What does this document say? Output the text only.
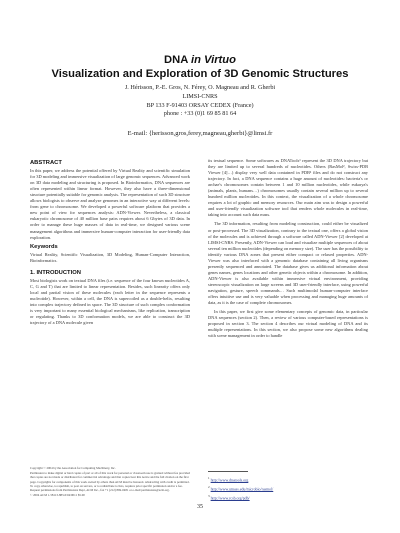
DNA in Virtuo
Visualization and Exploration of 3D Genomic Structures
J. Hérisson, P.-E. Gros, N. Férey, O. Magneau and R. Gherbi
LIMSI-CNRS
BP 133 F-91403 ORSAY CEDEX (France)
phone : +33 (0)1 69 85 81 64
E-mail: {herisson,gros,ferey,magneau,gherbi}@limsi.fr
ABSTRACT

In this paper, we address the potential offered by Virtual Reality and scientific simulation for 3D modeling and immersive visualization of large genomic sequences. Advanced work on 3D data modeling and structuring is proposed. In Bioinformatics, DNA sequences are often represented within linear format. However, they also have a three-dimensional structure potentially suitable for genomic analysis. The representation of such 3D structure allows biologists to observe and analyze genomes in an interactive way at different levels: from gene to chromosome. We developed a powerful software platform that provides a new point of view for sequences analysis: ADN-Viewer. Nevertheless, a classical eukaryotic chromosome of 40 million base pairs requires about 6 Gbytes of 3D data. In order to manage these huge masses of data in real-time, we designed various scene management algorithms and immersive human-computer interaction for user-friendly data exploration.

Keywords

Virtual Reality, Scientific Visualization, 3D Modeling, Human-Computer Interaction, Bioinformatics.

1. INTRODUCTION

Most biologists work on textual DNA files (i.e. sequence of the four known nucleotides A, C, G and T) that are limited to linear representation. Besides, such linearity offers only local and partial vision of these molecules (each letter in the sequence represents a nucleotide). However, within a cell, the DNA is supercoiled as a double-helix, resulting into complex trajectory defined in space. The 3D structure of such complex conformation is very important to many essential biological mechanisms, like replication, transcription or regulating. Thanks to 3D conformation models, we are able to construct the 3D trajectory of a DNA molecule given

its textual sequence. Some softwares as DNATools¹ represent the 3D DNA trajectory but they are limited up to several hundreds of nucleotides. Others (RasMol², Swiss-PDB Viewer [4]…) display very well data contained in PDB³ files and do not construct any trajectory. In fact, a DNA sequence contains a huge amount of nucleotides: bacteria's or archae's chromosomes contain between 1 and 10 million nucleotides, while eukarya's (animals, plants, humans…) chromosomes usually contain several million up to several hundred million nucleotides. In this context, the visualization of a whole chromosome requires a lot of graphic and memory resources. Our main aim was to design a powerful and user-friendly visualization software tool that renders whole molecules in real-time, taking into account such data mass.

The 3D information, resulting from modeling construction, could either be visualized or post-processed. The 3D visualization, contrary to the textual one, offers a global vision of the molecules and is achieved through a software called ADN-Viewer [2] developed at LIMSI-CNRS. Presently, ADN-Viewer can load and visualize multiple sequences of about several ten million nucleotides (depending on memory size). The user has the possibility to identify various DNA zones that present either compact or relaxed properties. ADN-Viewer was also interfaced with a genomic database containing all living organisms presently sequenced and annotated. The database gives us additional information about genes names, genes locations and other genetic objects within a chromosome. In addition, ADN-Viewer is also available within immersive virtual environment, providing stereoscopic visualization on large screens and 3D user-friendly interface, using powerful navigation, gesture, speech commands… Such multimodal human-computer interface offers intuitive use and is very valuable when processing and managing huge amounts of data, as it is the case of complete chromosomes.

In this paper, we first give some elementary concepts of genomic data, in particular DNA sequences (section 2). Then, a review of various computer-based representations is proposed in section 3. The section 4 describes our virtual modeling of DNA and its multiple representations. In this section, we also propose some new algorithms dealing with scene management in order to handle

Copyright © 2004 by the Association for Computing Machinery, Inc.

Permission to make digital or hard copies of part or all of this work for personal or classroom use is granted without fee provided that copies are not made or distributed for commercial advantage and that copies bear this notice and the full citation on the first page. Copyrights for components of this work owned by others than ACM must be honored. Abstracting with credit is permitted. To copy otherwise, to republish, to post on servers, or to redistribute to lists, requires prior specific permission and/or a fee. Request permissions from Permissions Dept, ACM Inc., fax +1 (212) 869-0481 or e-mail permissions@acm.org.

© 2004 ACM 1-58113-883-0/04/0011 $5.00

$^1$ http://www.dnatools.org
$^2$ http://www.umass.edu/microbio/rasmol/
$^3$ http://www.rcsb.org/pdb/
35
